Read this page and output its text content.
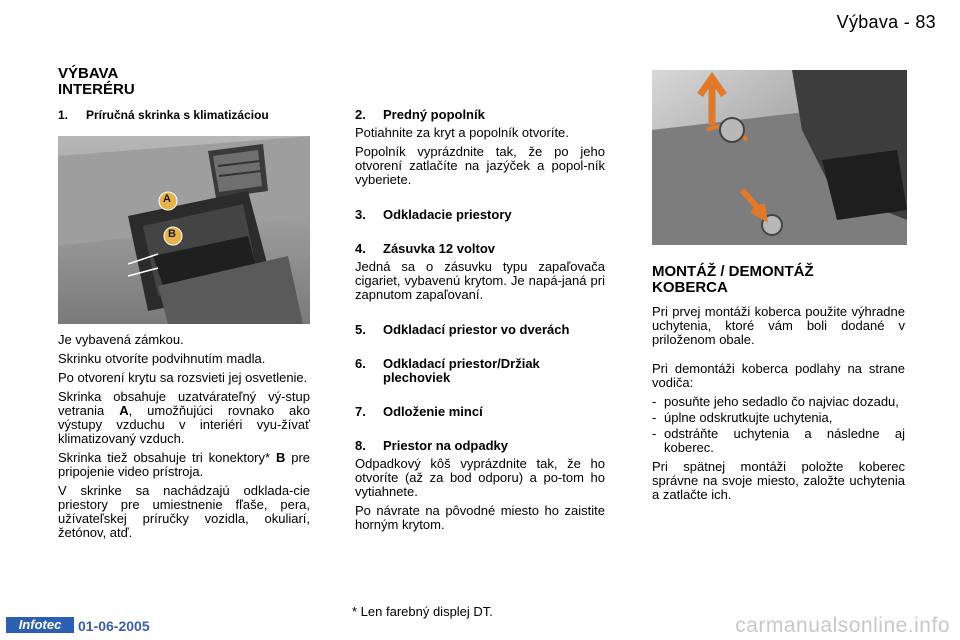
Výbava - 83
VÝBAVA
INTERÉRU
1.	Príručná skrinka s klimatizáciou
A
B

Je vybavená zámkou.

Skrinku otvoríte podvihnutím madla.

Po otvorení krytu sa rozsvieti jej osvetlenie.

Skrinka obsahuje uzatvárateľný vý-stup vetrania A, umožňujúci rovnako ako výstupy vzduchu v interiéri vyu-žívať klimatizovaný vzduch.

Skrinka tiež obsahuje tri konektory* B pre pripojenie video prístroja.

V skrinke sa nachádzajú odklada-cie priestory pre umiestnenie fľaše, pera, užívateľskej príručky vozidla, okuliarí, žetónov, atď.

2.	Predný popolník

Potiahnite za kryt a popolník otvoríte.

Popolník vyprázdnite tak, že po jeho otvorení zatlačíte na jazýček a popol-ník vyberiete.

3.	Odkladacie priestory
4.	Zásuvka 12 voltov

Jedná sa o zásuvku typu zapaľovača cigariet, vybavenú krytom. Je napá-janá pri zapnutom zapaľovaní.

5.	Odkladací priestor vo dverách
6.	Odkladací priestor/Držiak plechoviek
7.	Odloženie mincí
8.	Priestor na odpadky

Odpadkový kôš vyprázdnite tak, že ho otvoríte (až za bod odporu) a po-tom ho vytiahnete.

Po návrate na pôvodné miesto ho zaistite horným krytom.

MONTÁŽ / DEMONTÁŽ
KOBERCA

Pri prvej montáži koberca použite výhradne uchytenia, ktoré vám boli dodané v priloženom obale.

Pri demontáži koberca podlahy na strane vodiča:

- posuňte jeho sedadlo čo najviac dozadu,
- úplne odskrutkujte uchytenia,
- odstráňte uchytenia a následne aj koberec.

Pri spätnej montáži položte koberec správne na svoje miesto, založte uchytenia a zatlačte ich.

* Len farebný displej DT.
Infotec	01-06-2005	carmanualsonline.info
